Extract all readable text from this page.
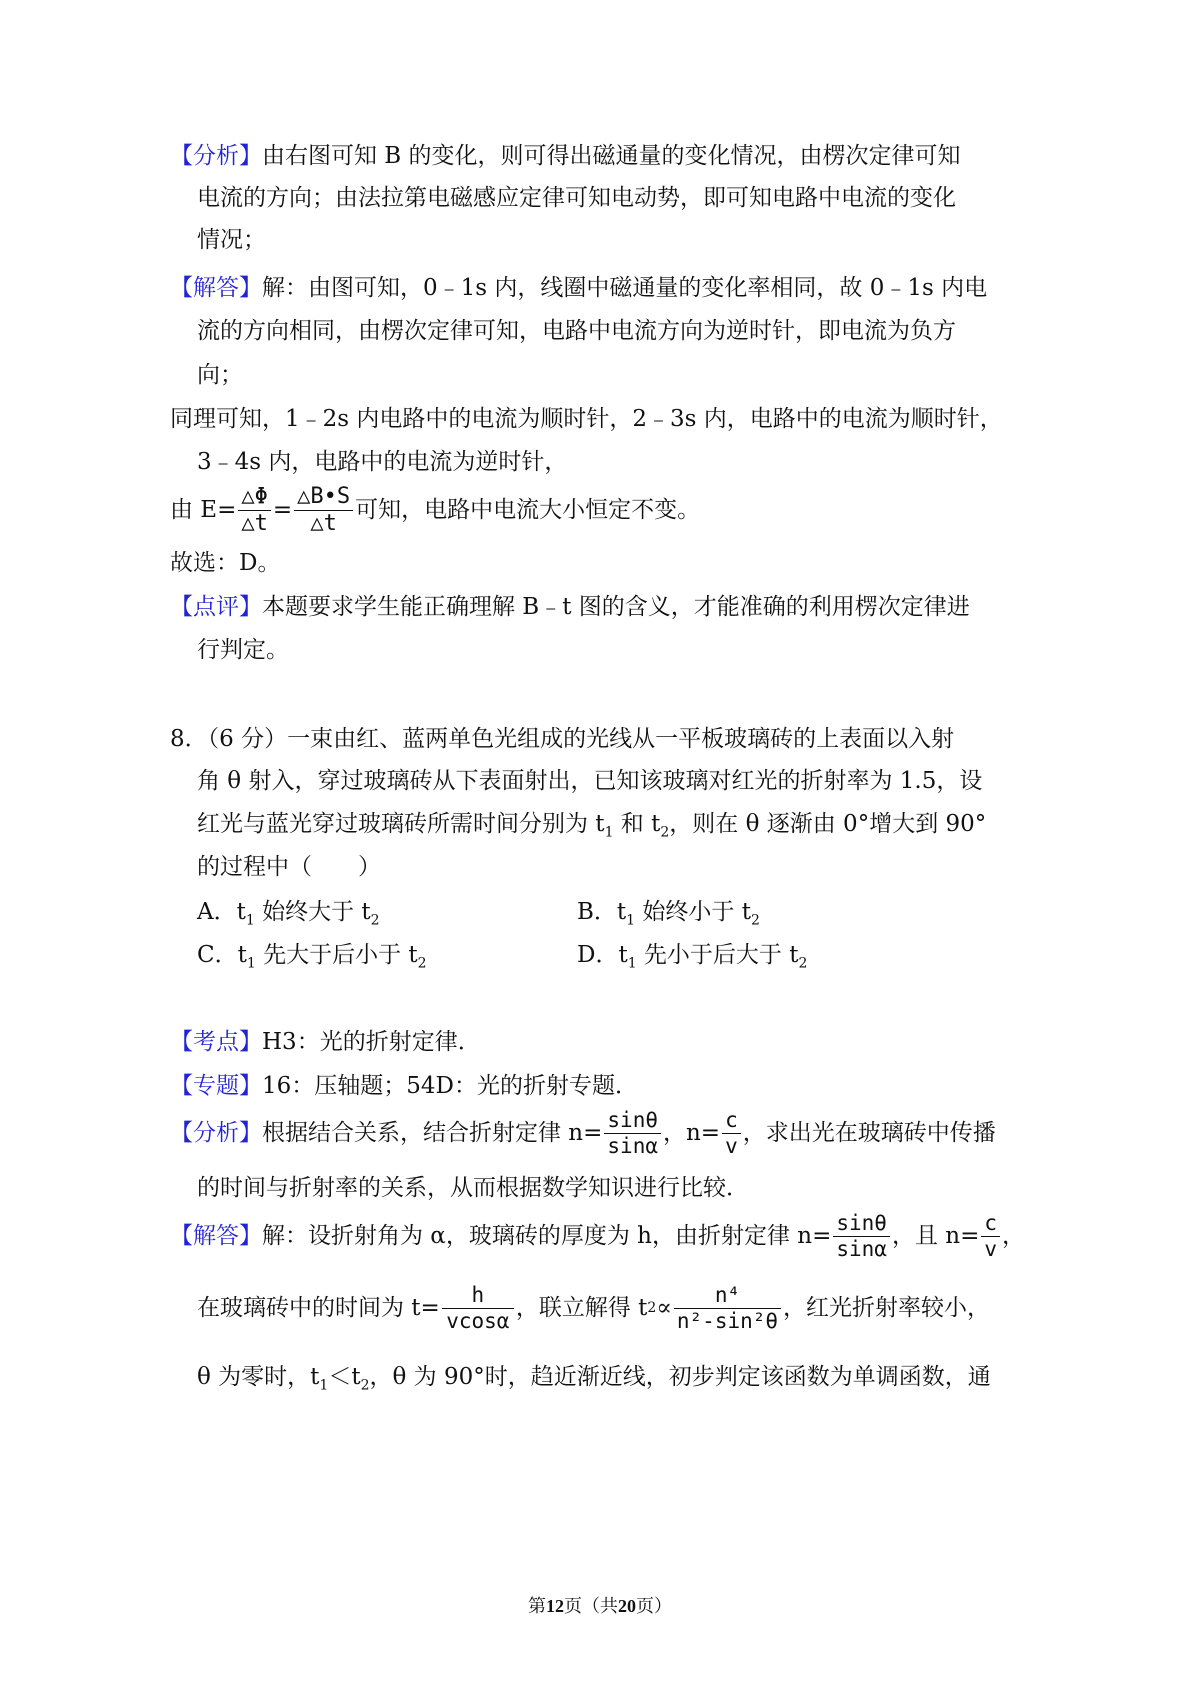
【分析】由右图可知 B 的变化，则可得出磁通量的变化情况，由楞次定律可知
电流的方向；由法拉第电磁感应定律可知电动势，即可知电路中电流的变化
情况；
【解答】解：由图可知，0﹣1s 内，线圈中磁通量的变化率相同，故 0﹣1s 内电
流的方向相同，由楞次定律可知，电路中电流方向为逆时针，即电流为负方
向；
同理可知，1﹣2s 内电路中的电流为顺时针，2﹣3s 内，电路中的电流为顺时针，
3﹣4s 内，电路中的电流为逆时针，
由 $E= \frac{\triangle\Phi}{\triangle t} = \frac{\triangle B•S}{\triangle t}$ 可知，电路中电流大小恒定不变。
故选：D。
【点评】本题要求学生能正确理解 B﹣t 图的含义，才能准确的利用楞次定律进
行判定。
8．（6 分）一束由红、蓝两单色光组成的光线从一平板玻璃砖的上表面以入射
角 θ 射入，穿过玻璃砖从下表面射出，已知该玻璃对红光的折射率为 1.5，设
红光与蓝光穿过玻璃砖所需时间分别为 $t_1$ 和 $t_2$，则在 θ 逐渐由 0°增大到 90°
的过程中（　　）
A．$t_1$ 始终大于 $t_2$	B．$t_1$ 始终小于 $t_2$
C．$t_1$ 先大于后小于 $t_2$	D．$t_1$ 先小于后大于 $t_2$
【考点】H3：光的折射定律．
【专题】16：压轴题；54D：光的折射专题．
【分析】 根据结合关系，结合折射定律 $n= \frac{\sin\theta}{\sin\alpha}$ ，$n= \frac{c}{v}$ ，求出光在玻璃砖中传播
的时间与折射率的关系，从而根据数学知识进行比较．
【解答】 解：设折射角为 α，玻璃砖的厚度为 h，由折射定律 $n= \frac{\sin\theta}{\sin\alpha}$ ，且 $n= \frac{c}{v}$ ，
在玻璃砖中的时间为 $t= \frac{h}{vcos\alpha}$ ，联立解得 t $2 \propto \frac{\text{n⁴}}{\text{n²-sin²θ}}$ ，红光折射率较小，
θ 为零时，$t_1<t_2$，θ 为 90°时，趋近渐近线，初步判定该函数为单调函数，通
第12页（共20页）
